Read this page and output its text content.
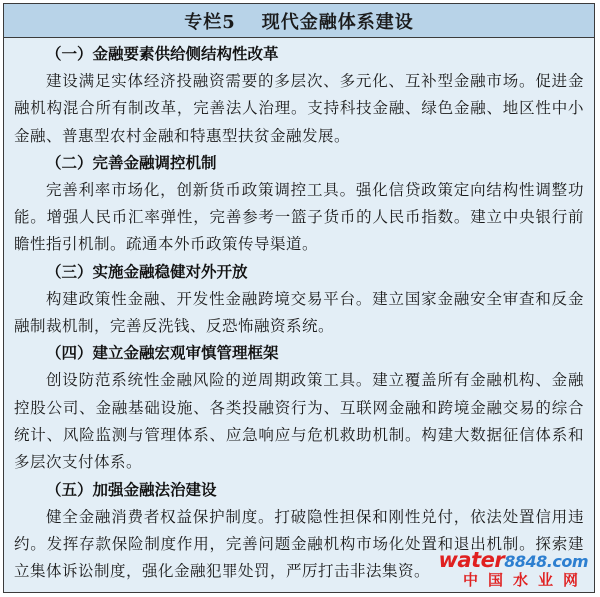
专栏5 现代金融体系建设
（一）金融要素供给侧结构性改革

建设满足实体经济投融资需要的多层次、多元化、互补型金融市场。促进金融机构混合所有制改革，完善法人治理。支持科技金融、绿色金融、地区性中小金融、普惠型农村金融和特惠型扶贫金融发展。

（二）完善金融调控机制

完善利率市场化，创新货币政策调控工具。强化信贷政策定向结构性调整功能。增强人民币汇率弹性，完善参考一篮子货币的人民币指数。建立中央银行前瞻性指引机制。疏通本外币政策传导渠道。

（三）实施金融稳健对外开放

构建政策性金融、开发性金融跨境交易平台。建立国家金融安全审查和反金融制裁机制，完善反洗钱、反恐怖融资系统。

（四）建立金融宏观审慎管理框架

创设防范系统性金融风险的逆周期政策工具。建立覆盖所有金融机构、金融控股公司、金融基础设施、各类投融资行为、互联网金融和跨境金融交易的综合统计、风险监测与管理体系、应急响应与危机救助机制。构建大数据征信体系和多层次支付体系。

（五）加强金融法治建设

健全金融消费者权益保护制度。打破隐性担保和刚性兑付，依法处置信用违约。发挥存款保险制度作用，完善问题金融机构市场化处置和退出机制。探索建立集体诉讼制度，强化金融犯罪处罚，严厉打击非法集资。 water8848.com
中国水业网
